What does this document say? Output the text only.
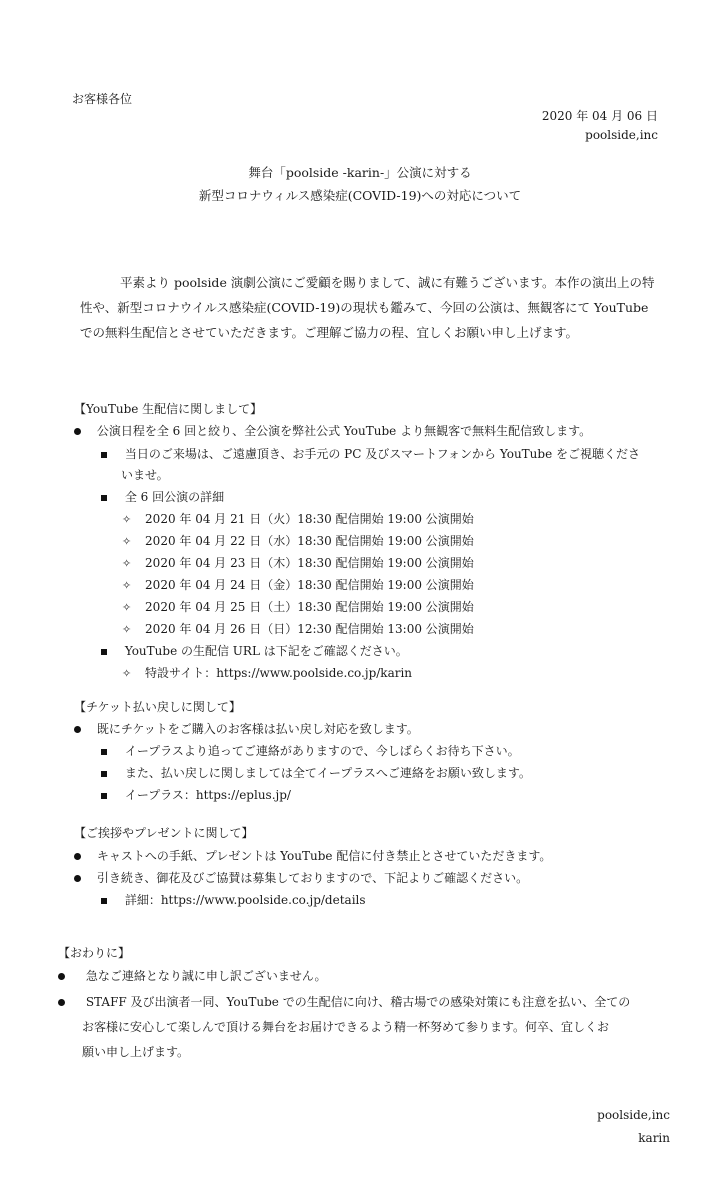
お客様各位
2020 年 04 月 06 日
poolside,inc
舞台「poolside -karin-」公演に対する
新型コロナウィルス感染症(COVID-19)への対応について
平素より poolside 演劇公演にご愛顧を賜りまして、誠に有難うございます。本作の演出上の特性や、新型コロナウイルス感染症(COVID-19)の現状も鑑みて、今回の公演は、無観客にて YouTube での無料生配信とさせていただきます。ご理解ご協力の程、宜しくお願い申し上げます。
【YouTube 生配信に関しまして】
公演日程を全 6 回と絞り、全公演を弊社公式 YouTube より無観客で無料生配信致します。
当日のご来場は、ご遠慮頂き、お手元の PC 及びスマートフォンから YouTube をご視聴くださ
いませ。
全 6 回公演の詳細
✧ 2020 年 04 月 21 日（火）18:30 配信開始 19:00 公演開始
✧ 2020 年 04 月 22 日（水）18:30 配信開始 19:00 公演開始
✧ 2020 年 04 月 23 日（木）18:30 配信開始 19:00 公演開始
✧ 2020 年 04 月 24 日（金）18:30 配信開始 19:00 公演開始
✧ 2020 年 04 月 25 日（土）18:30 配信開始 19:00 公演開始
✧ 2020 年 04 月 26 日（日）12:30 配信開始 13:00 公演開始
YouTube の生配信 URL は下記をご確認ください。
✧ 特設サイト：https://www.poolside.co.jp/karin
【チケット払い戻しに関して】
既にチケットをご購入のお客様は払い戻し対応を致します。
イープラスより追ってご連絡がありますので、今しばらくお待ち下さい。
また、払い戻しに関しましては全てイープラスへご連絡をお願い致します。
イープラス：https://eplus.jp/
【ご挨拶やプレゼントに関して】
キャストへの手紙、プレゼントは YouTube 配信に付き禁止とさせていただきます。
引き続き、御花及びご協賛は募集しておりますので、下記よりご確認ください。
詳細：https://www.poolside.co.jp/details
【おわりに】
急なご連絡となり誠に申し訳ございません。
STAFF 及び出演者一同、YouTube での生配信に向け、稽古場での感染対策にも注意を払い、全ての
お客様に安心して楽しんで頂ける舞台をお届けできるよう精一杯努めて参ります。何卒、宜しくお
願い申し上げます。
poolside,inc
karin
